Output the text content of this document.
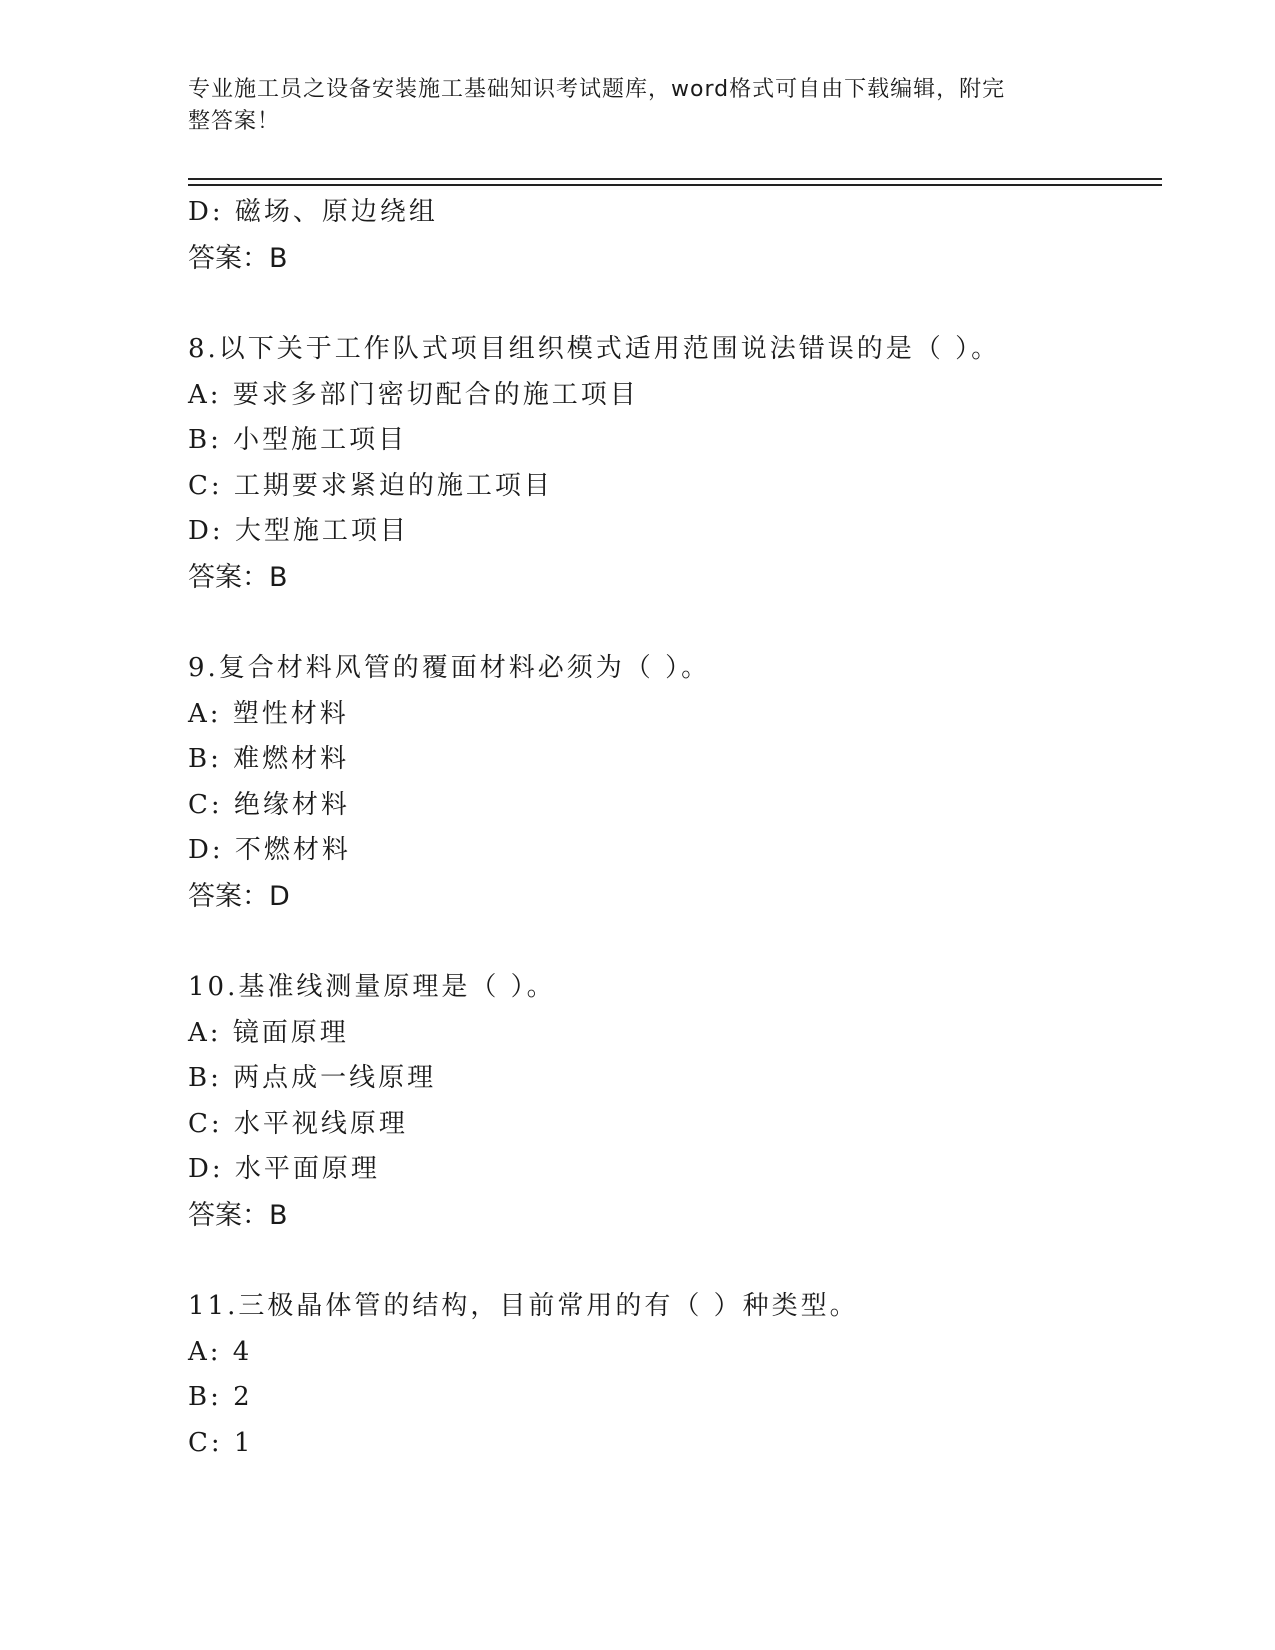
专业施工员之设备安装施工基础知识考试题库，word格式可自由下载编辑，附完
整答案！
D: 磁场、原边绕组
答案：B
8.以下关于工作队式项目组织模式适用范围说法错误的是（ ）。
A: 要求多部门密切配合的施工项目
B: 小型施工项目
C: 工期要求紧迫的施工项目
D: 大型施工项目
答案：B
9.复合材料风管的覆面材料必须为（ ）。
A: 塑性材料
B: 难燃材料
C: 绝缘材料
D: 不燃材料
答案：D
10.基准线测量原理是（ ）。
A: 镜面原理
B: 两点成一线原理
C: 水平视线原理
D: 水平面原理
答案：B
11.三极晶体管的结构，目前常用的有（ ）种类型。
A: 4
B: 2
C: 1
